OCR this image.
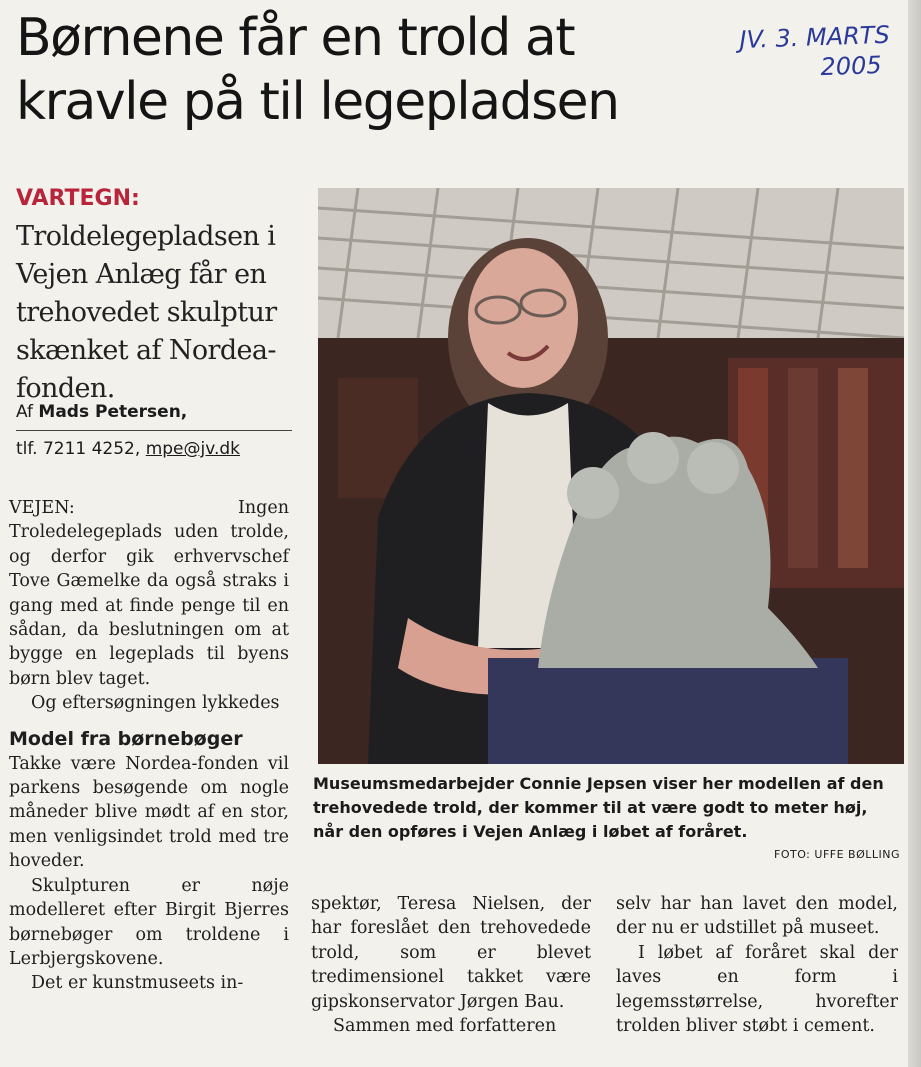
Børnene får en trold at kravle på til legepladsen
JV. 3. MARTS
2005
VARTEGN: Troldelegepladsen i Vejen Anlæg får en trehovedet skulptur skænket af Nordea-fonden.
Af Mads Petersen,
tlf. 7211 4252, mpe@jv.dk

VEJEN: Ingen Troledelegeplads uden trolde, og derfor gik erhvervschef Tove Gæmelke da også straks i gang med at finde penge til en sådan, da beslutningen om at bygge en legeplads til byens børn blev taget.

Og eftersøgningen lykkedes

Model fra børnebøger

Takke være Nordea-fonden vil parkens besøgende om nogle måneder blive mødt af en stor, men venligsindet trold med tre hoveder.

Skulpturen er nøje modelleret efter Birgit Bjerres børnebøger om troldene i Lerbjergskovene.

Det er kunstmuseets in-

Museumsmedarbejder Connie Jepsen viser her modellen af den trehovedede trold, der kommer til at være godt to meter høj, når den opføres i Vejen Anlæg i løbet af foråret.
FOTO: UFFE BØLLING

spektør, Teresa Nielsen, der har foreslået den trehovedede trold, som er blevet tredimensionel takket være gipskonservator Jørgen Bau.

Sammen med forfatteren

selv har han lavet den model, der nu er udstillet på museet.

I løbet af foråret skal der laves en form i legemsstørrelse, hvorefter trolden bliver støbt i cement.
